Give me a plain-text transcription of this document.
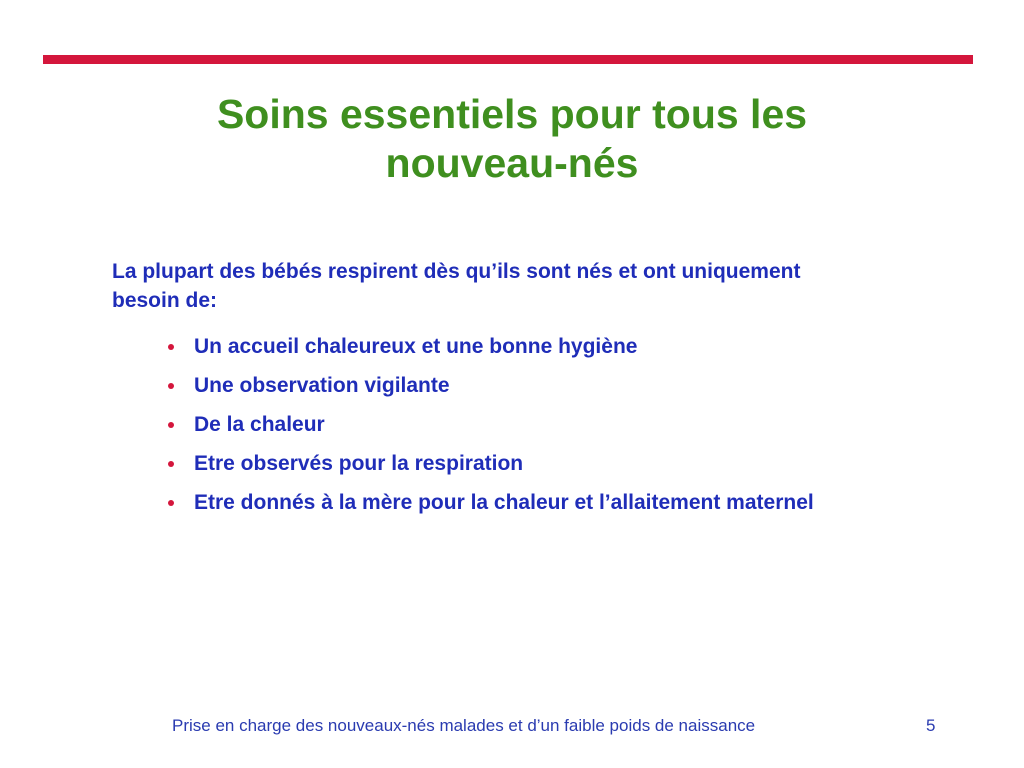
Soins essentiels pour tous les
nouveau-nés

La plupart des bébés respirent dès qu’ils sont nés et ont uniquement besoin de:

Un accueil chaleureux et une bonne hygiène
Une observation vigilante
De la chaleur
Etre observés pour la respiration
Etre donnés à la mère pour la chaleur et l’allaitement maternel
Prise en charge des nouveaux-nés malades et d’un faible poids de naissance	5
